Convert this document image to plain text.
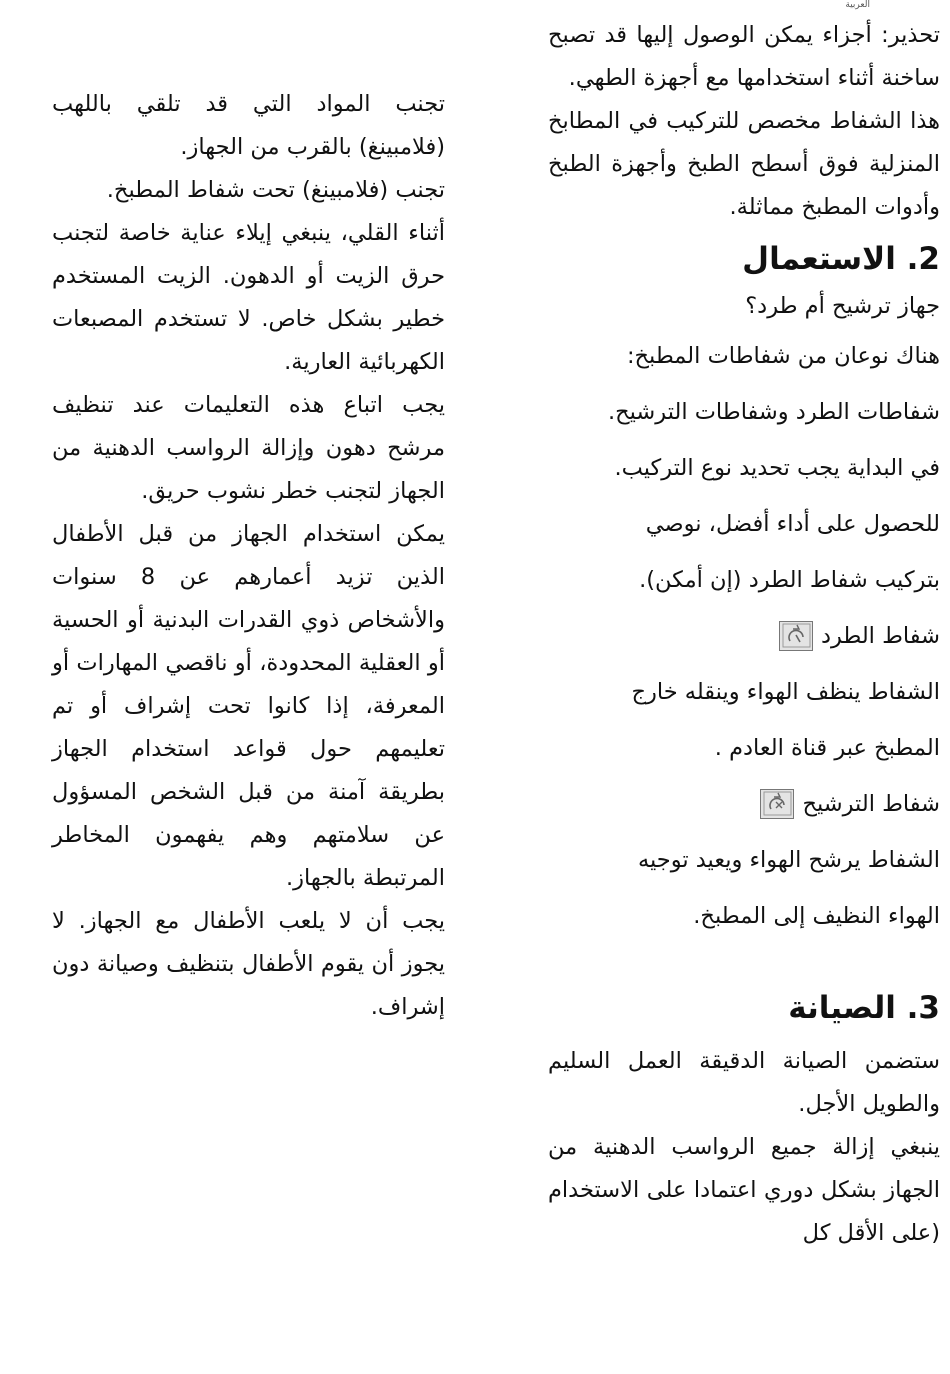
ﺍﻟﻌﺮﺑﻴﺔ

تحذير: أجزاء يمكن الوصول إليها قد تصبح ساخنة أثناء استخدامها مع أجهزة الطهي.

هذا الشفاط مخصص للتركيب في المطابخ المنزلية فوق أسطح الطبخ وأجهزة الطبخ وأدوات المطبخ مماثلة.

2. الاستعمال

جهاز ترشيح أم طرد؟

هناك نوعان من شفاطات المطبخ:

شفاطات الطرد وشفاطات الترشيح.

في البداية يجب تحديد نوع التركيب.

للحصول على أداء أفضل، نوصي

بتركيب شفاط الطرد (إن أمكن).

شفاط الطرد

الشفاط ينظف الهواء وينقله خارج

المطبخ عبر قناة العادم .

شفاط الترشيح

الشفاط يرشح الهواء ويعيد توجيه

الهواء النظيف إلى المطبخ.

3. الصيانة

ستضمن الصيانة الدقيقة العمل السليم والطويل الأجل.

ينبغي إزالة جميع الرواسب الدهنية من الجهاز بشكل دوري اعتمادا على الاستخدام (على الأقل كل

تجنب المواد التي قد تلقي باللهب (فلامبينغ) بالقرب من الجهاز.

تجنب (فلامبينغ) تحت شفاط المطبخ.

أثناء القلي، ينبغي إيلاء عناية خاصة لتجنب حرق الزيت أو الدهون. الزيت المستخدم خطير بشكل خاص. لا تستخدم المصبعات الكهربائية العارية.

يجب اتباع هذه التعليمات عند تنظيف مرشح دهون وإزالة الرواسب الدهنية من الجهاز لتجنب خطر نشوب حريق.

يمكن استخدام الجهاز من قبل الأطفال الذين تزيد أعمارهم عن 8 سنوات والأشخاص ذوي القدرات البدنية أو الحسية أو العقلية المحدودة، أو ناقصي المهارات أو المعرفة، إذا كانوا تحت إشراف أو تم تعليمهم حول قواعد استخدام الجهاز بطريقة آمنة من قبل الشخص المسؤول عن سلامتهم وهم يفهمون المخاطر المرتبطة بالجهاز.

يجب أن لا يلعب الأطفال مع الجهاز. لا يجوز أن يقوم الأطفال بتنظيف وصيانة دون إشراف.
